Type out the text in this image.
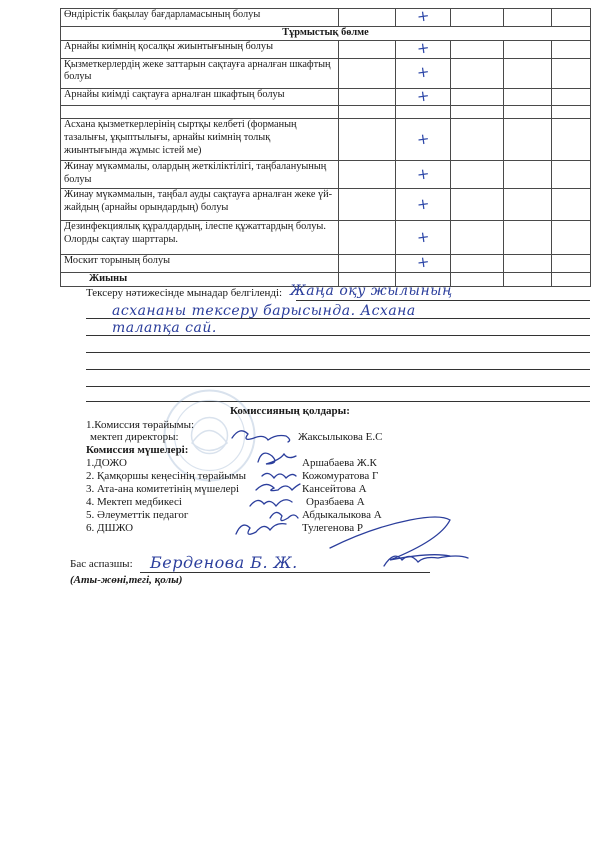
Өндірістік бақылау бағдарламасының болуы		+			
Тұрмыстық бөлме					
Арнайы киімнің қосалқы жиынтығының болуы		+			
Қызметкерлердің жеке заттарын сақтауға арналған шкафтың болуы		+			
Арнайы киімді сақтауға арналған шкафтың болуы		+			

Асхана қызметкерлерінің сыртқы келбеті (форманың тазалығы, ұқыптылығы, арнайы киімнің толық жиынтығында жұмыс істей ме)		+			
Жинау мүкәммалы, олардың жеткіліктілігі, таңбалануының болуы		+			
Жинау мүкәммалын, таңбал ауды сақтауға арналған жеке үй-жайдың (арнайы орындардың) болуы		+			
Дезинфекциялық құралдардың, ілеспе құжаттардың болуы. Олорды сақтау шарттары.		+			
Москит торының болуы		+			
Жиыны					
Тексеру нәтижесінде мынадар белгіленді: Жаңа оқу жылының
асхананы тексеру барысында. Асхана
талапқа сай.
Комиссияның қолдары:
1.Комиссия төрайымы:
мектеп директоры:	Жаксылыкова Е.С
Комиссия мүшелері:
1.ДОЖО	Аршабаева Ж.К
2. Қамқоршы кеңесінің төрайымы	Кожомуратова Г
3. Ата-ана комитетінің мүшелері	Кансейтова А
4. Мектеп медбикесі	Оразбаева А
5. Әлеуметтік педагог	Абдыкалыкова А
6. ДШЖО	Тулегенова Р
Бас аспазшы: Берденова Б. Ж.
(Аты-жөні,тегі, қолы)
